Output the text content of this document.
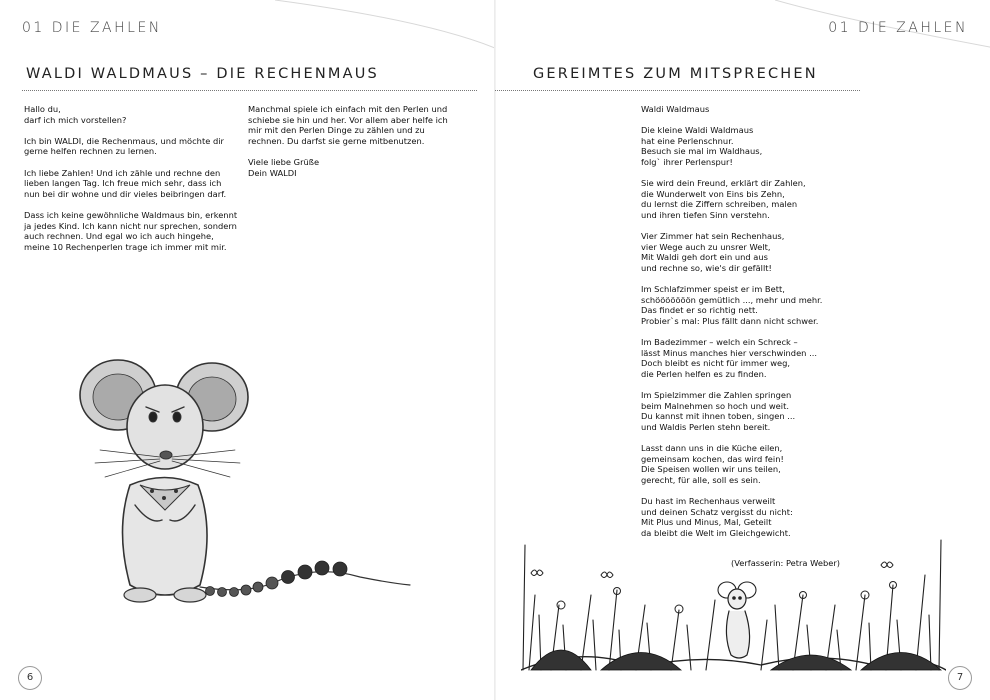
01 DIE ZAHLEN
WALDI WALDMAUS – DIE RECHENMAUS

Hallo du,
darf ich mich vorstellen?

Ich bin WALDI, die Rechenmaus, und möchte dir gerne helfen rechnen zu lernen.

Ich liebe Zahlen! Und ich zähle und rechne den lieben langen Tag. Ich freue mich sehr, dass ich nun bei dir wohne und dir vieles beibringen darf.

Dass ich keine gewöhnliche Waldmaus bin, erkennt ja jedes Kind. Ich kann nicht nur sprechen, sondern auch rechnen. Und egal wo ich auch hingehe, meine 10 Rechenperlen trage ich immer mit mir.

Manchmal spiele ich einfach mit den Perlen und schiebe sie hin und her. Vor allem aber helfe ich mir mit den Perlen Dinge zu zählen und zu rechnen. Du darfst sie gerne mitbenutzen.

Viele liebe Grüße
Dein WALDI

6
01 DIE ZAHLEN
GEREIMTES ZUM MITSPRECHEN
Waldi Waldmaus
Die kleine Waldi Waldmaus
hat eine Perlenschnur.
Besuch sie mal im Waldhaus,
folg` ihrer Perlenspur!
Sie wird dein Freund, erklärt dir Zahlen,
die Wunderwelt von Eins bis Zehn,
du lernst die Ziffern schreiben, malen
und ihren tiefen Sinn verstehn.
Vier Zimmer hat sein Rechenhaus,
vier Wege auch zu unsrer Welt,
Mit Waldi geh dort ein und aus
und rechne so, wie's dir gefällt!
Im Schlafzimmer speist er im Bett,
schööööööön gemütlich ..., mehr und mehr.
Das findet er so richtig nett.
Probier`s mal: Plus fällt dann nicht schwer.
Im Badezimmer – welch ein Schreck –
lässt Minus manches hier verschwinden ...
Doch bleibt es nicht für immer weg,
die Perlen helfen es zu finden.
Im Spielzimmer die Zahlen springen
beim Malnehmen so hoch und weit.
Du kannst mit ihnen toben, singen ...
und Waldis Perlen stehn bereit.
Lasst dann uns in die Küche eilen,
gemeinsam kochen, das wird fein!
Die Speisen wollen wir uns teilen,
gerecht, für alle, soll es sein.
Du hast im Rechenhaus verweilt
und deinen Schatz vergisst du nicht:
Mit Plus und Minus, Mal, Geteilt
da bleibt die Welt im Gleichgewicht.
(Verfasserin: Petra Weber)
7
